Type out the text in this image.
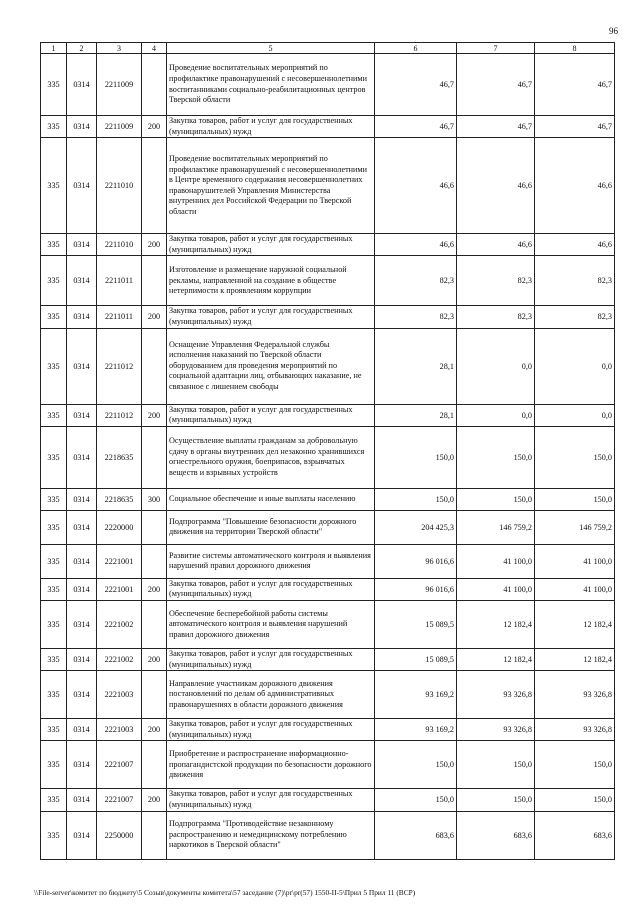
96
1	2	3	4	5	6	7	8
335	0314	2211009		Проведение воспитательных мероприятий по профилактике правонарушений с несовершеннолетними воспитанниками социально-реабилитационных центров Тверской области	46,7	46,7	46,7
335	0314	2211009	200	Закупка товаров, работ и услуг для государственных (муниципальных) нужд	46,7	46,7	46,7
335	0314	2211010		Проведение воспитательных мероприятий по профилактике правонарушений с несовершеннолетними в Центре временного содержания несовершеннолетних правонарушителей Управления Министерства внутренних дел Российской Федерации по Тверской области	46,6	46,6	46,6
335	0314	2211010	200	Закупка товаров, работ и услуг для государственных (муниципальных) нужд	46,6	46,6	46,6
335	0314	2211011		Изготовление и размещение наружной социальной рекламы, направленной на создание в обществе нетерпимости к проявлениям коррупции	82,3	82,3	82,3
335	0314	2211011	200	Закупка товаров, работ и услуг для государственных (муниципальных) нужд	82,3	82,3	82,3
335	0314	2211012		Оснащение Управления Федеральной службы исполнения наказаний по Тверской области оборудованием для проведения мероприятий по социальной адаптации лиц, отбывающих наказание, не связанное с лишением свободы	28,1	0,0	0,0
335	0314	2211012	200	Закупка товаров, работ и услуг для государственных (муниципальных) нужд	28,1	0,0	0,0
335	0314	2218635		Осуществление выплаты гражданам за добровольную сдачу в органы внутренних дел незаконно хранившихся огнестрельного оружия, боеприпасов, взрывчатых веществ и взрывных устройств	150,0	150,0	150,0
335	0314	2218635	300	Социальное обеспечение и иные выплаты населению	150,0	150,0	150,0
335	0314	2220000		Подпрограмма "Повышение безопасности дорожного движения на территории Тверской области"	204 425,3	146 759,2	146 759,2
335	0314	2221001		Развитие системы автоматического контроля и выявления нарушений правил дорожного движения	96 016,6	41 100,0	41 100,0
335	0314	2221001	200	Закупка товаров, работ и услуг для государственных (муниципальных) нужд	96 016,6	41 100,0	41 100,0
335	0314	2221002		Обеспечение бесперебойной работы системы автоматического контроля и выявления нарушений правил дорожного движения	15 089,5	12 182,4	12 182,4
335	0314	2221002	200	Закупка товаров, работ и услуг для государственных (муниципальных) нужд	15 089,5	12 182,4	12 182,4
335	0314	2221003		Направление участникам дорожного движения постановлений по делам об административных правонарушениях в области дорожного движения	93 169,2	93 326,8	93 326,8
335	0314	2221003	200	Закупка товаров, работ и услуг для государственных (муниципальных) нужд	93 169,2	93 326,8	93 326,8
335	0314	2221007		Приобретение и распространение информационно-пропагандистской продукции по безопасности дорожного движения	150,0	150,0	150,0
335	0314	2221007	200	Закупка товаров, работ и услуг для государственных (муниципальных) нужд	150,0	150,0	150,0
335	0314	2250000		Подпрограмма "Противодействие незаконному распространению и немедицинскому потреблению наркотиков в Тверской области"	683,6	683,6	683,6
\\File-server\комитет по бюджету\5 Созыв\документы комитета\57 заседание (7)\pr\pr(57) 1550-II-5\Прил 5 Прил 11 (ВСР)
